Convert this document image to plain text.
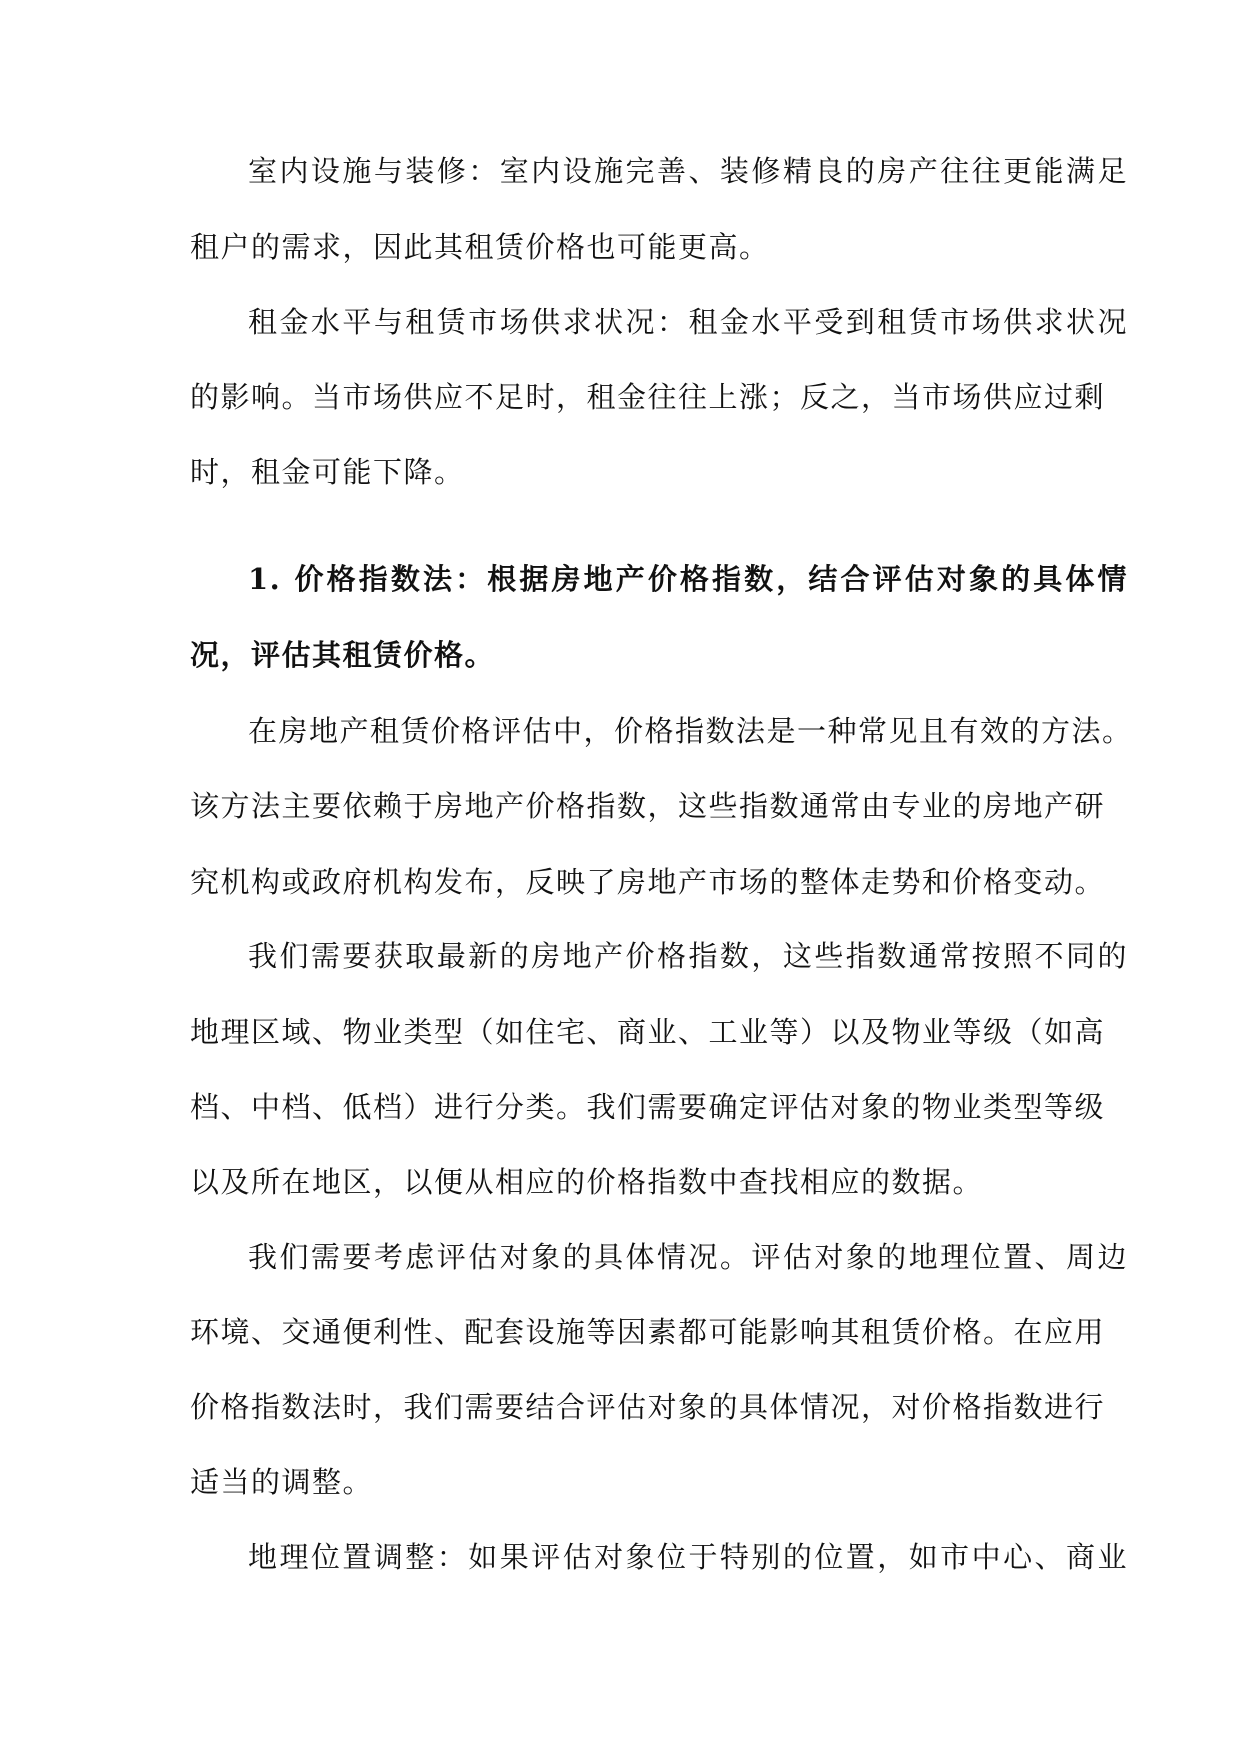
室内设施与装修：室内设施完善、装修精良的房产往往更能满足
租户的需求，因此其租赁价格也可能更高。
租金水平与租赁市场供求状况：租金水平受到租赁市场供求状况
的影响。当市场供应不足时，租金往往上涨；反之，当市场供应过剩
时，租金可能下降。
1. 价格指数法：根据房地产价格指数，结合评估对象的具体情
况，评估其租赁价格。
在房地产租赁价格评估中，价格指数法是一种常见且有效的方法。
该方法主要依赖于房地产价格指数，这些指数通常由专业的房地产研
究机构或政府机构发布，反映了房地产市场的整体走势和价格变动。
我们需要获取最新的房地产价格指数，这些指数通常按照不同的
地理区域、物业类型（如住宅、商业、工业等）以及物业等级（如高
档、中档、低档）进行分类。我们需要确定评估对象的物业类型等级
以及所在地区，以便从相应的价格指数中查找相应的数据。
我们需要考虑评估对象的具体情况。评估对象的地理位置、周边
环境、交通便利性、配套设施等因素都可能影响其租赁价格。在应用
价格指数法时，我们需要结合评估对象的具体情况，对价格指数进行
适当的调整。
地理位置调整：如果评估对象位于特别的位置，如市中心、商业
